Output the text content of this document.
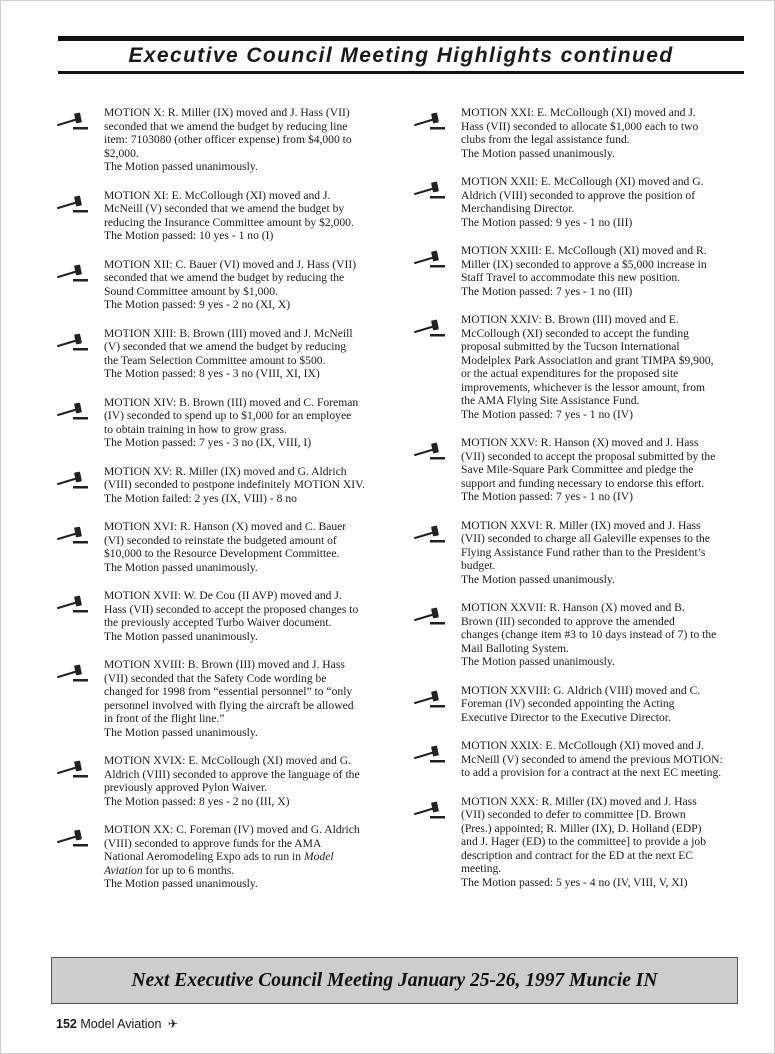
Executive Council Meeting Highlights continued
MOTION X: R. Miller (IX) moved and J. Hass (VII)
seconded that we amend the budget by reducing line
item: 7103080 (other officer expense) from $4,000 to
$2,000.
The Motion passed unanimously.
MOTION XI: E. McCollough (XI) moved and J.
McNeill (V) seconded that we amend the budget by
reducing the Insurance Committee amount by $2,000.
The Motion passed: 10 yes - 1 no (I)
MOTION XII: C. Bauer (VI) moved and J. Hass (VII)
seconded that we amend the budget by reducing the
Sound Committee amount by $1,000.
The Motion passed: 9 yes - 2 no (XI, X)
MOTION XIII: B. Brown (III) moved and J. McNeill
(V) seconded that we amend the budget by reducing
the Team Selection Committee amount to $500.
The Motion passed: 8 yes - 3 no (VIII, XI, IX)
MOTION XIV: B. Brown (III) moved and C. Foreman
(IV) seconded to spend up to $1,000 for an employee
to obtain training in how to grow grass.
The Motion passed: 7 yes - 3 no (IX, VIII, I)
MOTION XV: R. Miller (IX) moved and G. Aldrich
(VIII) seconded to postpone indefinitely MOTION XIV.
The Motion failed: 2 yes (IX, VIII) - 8 no
MOTION XVI: R. Hanson (X) moved and C. Bauer
(VI) seconded to reinstate the budgeted amount of
$10,000 to the Resource Development Committee.
The Motion passed unanimously.
MOTION XVII: W. De Cou (II AVP) moved and J.
Hass (VII) seconded to accept the proposed changes to
the previously accepted Turbo Waiver document.
The Motion passed unanimously.
MOTION XVIII: B. Brown (III) moved and J. Hass
(VII) seconded that the Safety Code wording be
changed for 1998 from “essential personnel” to “only
personnel involved with flying the aircraft be allowed
in front of the flight line.”
The Motion passed unanimously.
MOTION XVIX: E. McCollough (XI) moved and G.
Aldrich (VIII) seconded to approve the language of the
previously approved Pylon Waiver.
The Motion passed: 8 yes - 2 no (III, X)
MOTION XX: C. Foreman (IV) moved and G. Aldrich
(VIII) seconded to approve funds for the AMA
National Aeromodeling Expo ads to run in Model
Aviation for up to 6 months.
The Motion passed unanimously.
MOTION XXI: E. McCollough (XI) moved and J.
Hass (VII) seconded to allocate $1,000 each to two
clubs from the legal assistance fund.
The Motion passed unanimously.
MOTION XXII: E. McCollough (XI) moved and G.
Aldrich (VIII) seconded to approve the position of
Merchandising Director.
The Motion passed: 9 yes - 1 no (III)
MOTION XXIII: E. McCollough (XI) moved and R.
Miller (IX) seconded to approve a $5,000 increase in
Staff Travel to accommodate this new position.
The Motion passed: 7 yes - 1 no (III)
MOTION XXIV: B. Brown (III) moved and E.
McCollough (XI) seconded to accept the funding
proposal submitted by the Tucson International
Modelplex Park Association and grant TIMPA $9,900,
or the actual expenditures for the proposed site
improvements, whichever is the lessor amount, from
the AMA Flying Site Assistance Fund.
The Motion passed: 7 yes - 1 no (IV)
MOTION XXV: R. Hanson (X) moved and J. Hass
(VII) seconded to accept the proposal submitted by the
Save Mile-Square Park Committee and pledge the
support and funding necessary to endorse this effort.
The Motion passed: 7 yes - 1 no (IV)
MOTION XXVI: R. Miller (IX) moved and J. Hass
(VII) seconded to charge all Galeville expenses to the
Flying Assistance Fund rather than to the President’s
budget.
The Motion passed unanimously.
MOTION XXVII: R. Hanson (X) moved and B.
Brown (III) seconded to approve the amended
changes (change item #3 to 10 days instead of 7) to the
Mail Balloting System.
The Motion passed unanimously.
MOTION XXVIII: G. Aldrich (VIII) moved and C.
Foreman (IV) seconded appointing the Acting
Executive Director to the Executive Director.
MOTION XXIX: E. McCollough (XI) moved and J.
McNeill (V) seconded to amend the previous MOTION:
to add a provision for a contract at the next EC meeting.
MOTION XXX: R. Miller (IX) moved and J. Hass
(VII) seconded to defer to committee [D. Brown
(Pres.) appointed; R. Miller (IX), D. Holland (EDP)
and J. Hager (ED) to the committee] to provide a job
description and contract for the ED at the next EC
meeting.
The Motion passed: 5 yes - 4 no (IV, VIII, V, XI)
Next Executive Council Meeting January 25-26, 1997 Muncie IN
152 Model Aviation ✈
